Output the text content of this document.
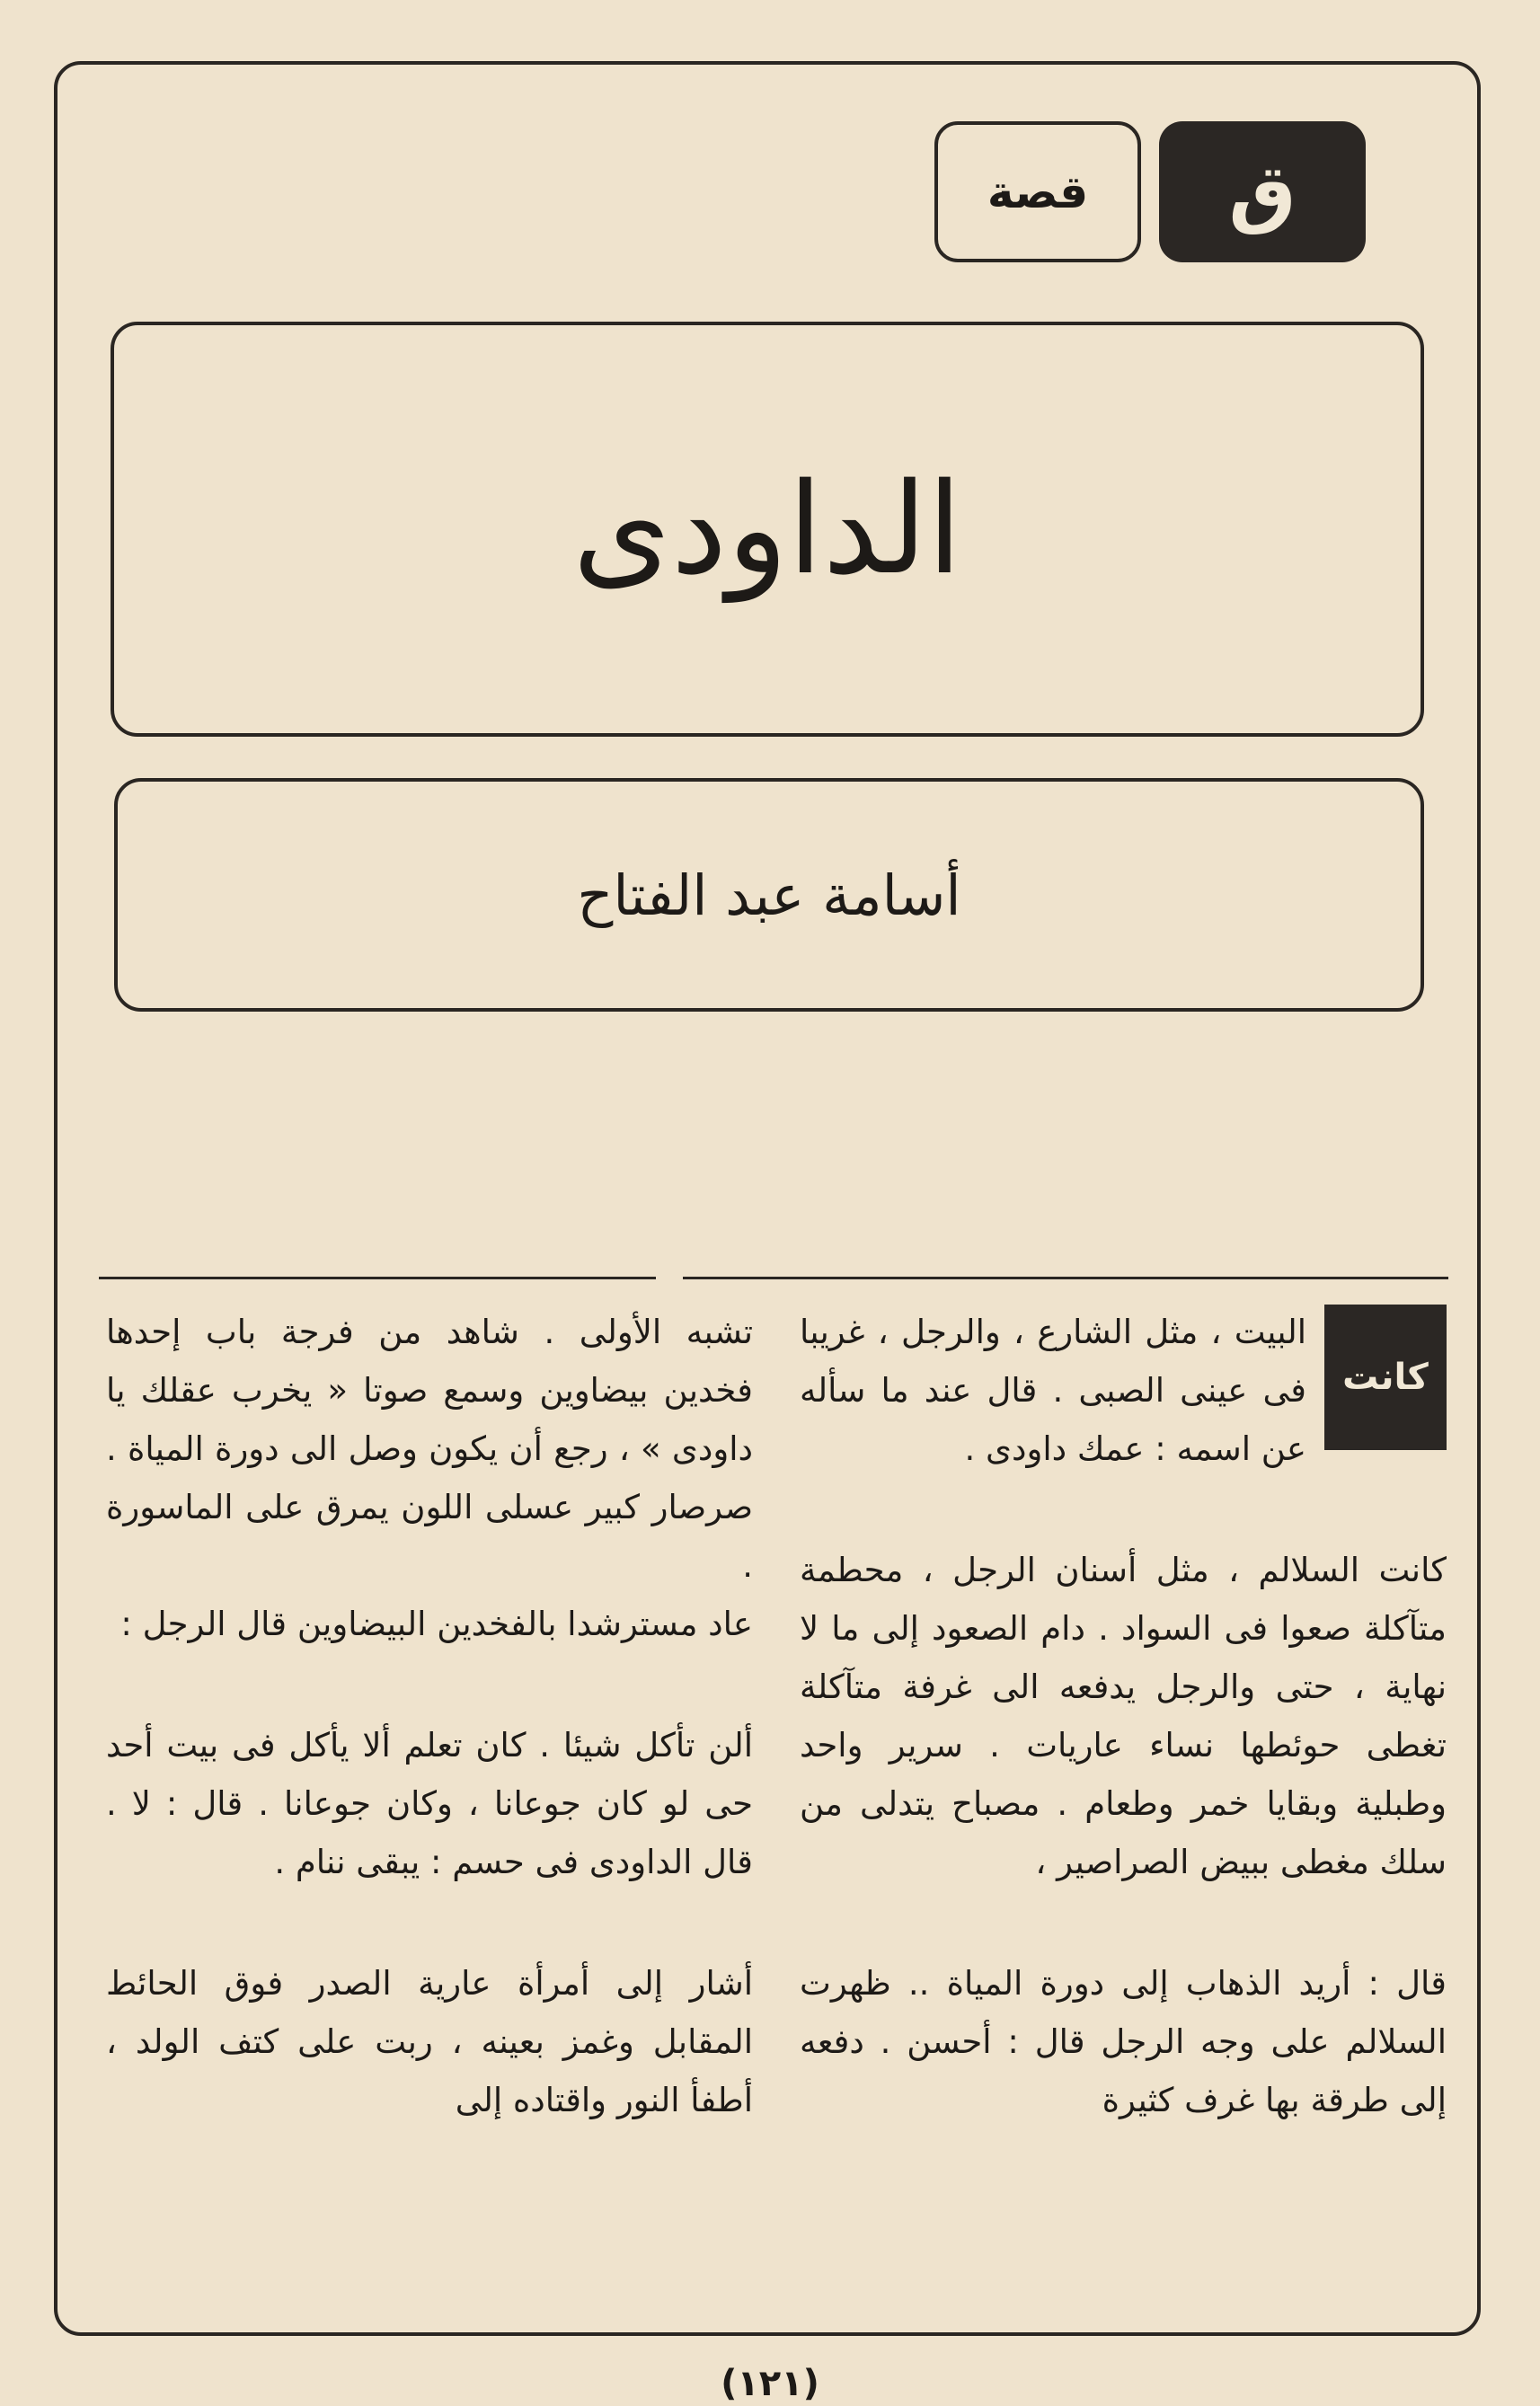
قصة ق
الداودى
أسامة عبد الفتاح
كانت

البيت ، مثل الشارع ، والرجل ، غريبا فى عينى الصبى . قال عند ما سأله عن اسمه : عمك داودى .

كانت السلالم ، مثل أسنان الرجل ، محطمة متآكلة صعوا فى السواد . دام الصعود إلى ما لا نهاية ، حتى والرجل يدفعه الى غرفة متآكلة تغطى حوئطها نساء عاريات . سرير واحد وطبلية وبقايا خمر وطعام . مصباح يتدلى من سلك مغطى ببيض الصراصير ،

قال : أريد الذهاب إلى دورة المياة .. ظهرت السلالم على وجه الرجل قال : أحسن . دفعه إلى طرقة بها غرف كثيرة

تشبه الأولى . شاهد من فرجة باب إحدها فخدين بيضاوين وسمع صوتا « يخرب عقلك يا داودى » ، رجع أن يكون وصل الى دورة المياة . صرصار كبير عسلى اللون يمرق على الماسورة .

عاد مسترشدا بالفخدين البيضاوين قال الرجل :

ألن تأكل شيئا . كان تعلم ألا يأكل فى بيت أحد حى لو كان جوعانا ، وكان جوعانا . قال : لا . قال الداودى فى حسم : يبقى ننام .

أشار إلى أمرأة عارية الصدر فوق الحائط المقابل وغمز بعينه ، ربت على كتف الولد ، أطفأ النور واقتاده إلى

(١٢١)
